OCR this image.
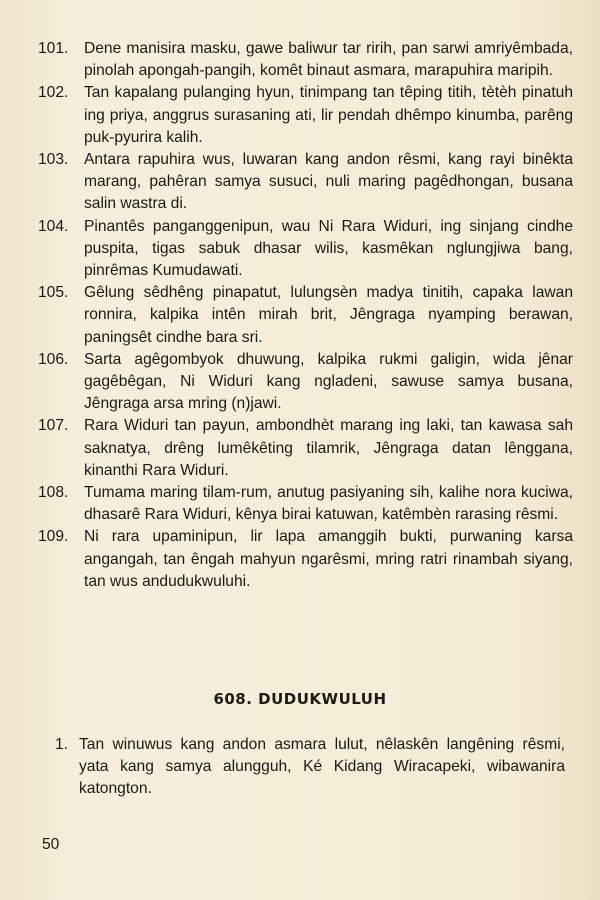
101.	Dene manisira masku, gawe baliwur tar ririh, pan sarwi amriyêmbada, pinolah apongah-pangih, komêt binaut asmara, marapuhira maripih.
102.	Tan kapalang pulanging hyun, tinimpang tan têping titih, tètèh pinatuh ing priya, anggrus surasaning ati, lir pendah dhêmpo kinumba, parêng puk-pyurira kalih.
103.	Antara rapuhira wus, luwaran kang andon rêsmi, kang rayi binêkta marang, pahêran samya susuci, nuli maring pagêdhongan, busana salin wastra di.
104.	Pinantês panganggenipun, wau Ni Rara Widuri, ing sinjang cindhe puspita, tigas sabuk dhasar wilis, kasmêkan nglungjiwa bang, pinrêmas Kumudawati.
105.	Gêlung sêdhêng pinapatut, lulungsèn madya tinitih, capaka lawan ronnira, kalpika intên mirah brit, Jêngraga nyamping berawan, paningsêt cindhe bara sri.
106.	Sarta agêgombyok dhuwung, kalpika rukmi galigin, wida jênar gagêbêgan, Ni Widuri kang ngladeni, sawuse samya busana, Jêngraga arsa mring (n)jawi.
107.	Rara Widuri tan payun, ambondhèt marang ing laki, tan kawasa sah saknatya, drêng lumêkêting tilamrik, Jêngraga datan lênggana, kinanthi Rara Widuri.
108.	Tumama maring tilam-rum, anutug pasiyaning sih, kalihe nora kuciwa, dhasarê Rara Widuri, kênya birai katuwan, katêmbèn rarasing rêsmi.
109.	Ni rara upaminipun, lir lapa amanggih bukti, purwaning karsa angangah, tan êngah mahyun ngarêsmi, mring ratri rinambah siyang, tan wus andudukwuluhi.
608. DUDUKWULUH
1. Tan winuwus kang andon asmara lulut, nêlaskên langêning rêsmi, yata kang samya alungguh, Ké Kidang Wiracapeki, wibawanira katongton.
50
